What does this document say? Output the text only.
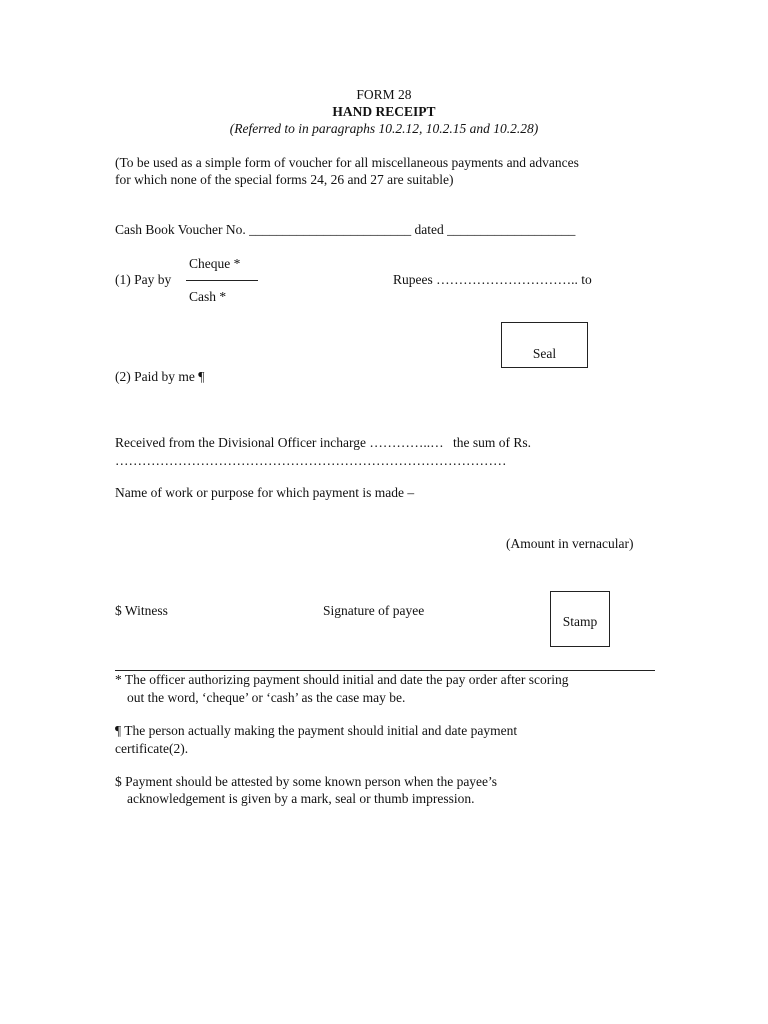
FORM 28
HAND RECEIPT
(Referred to in paragraphs 10.2.12, 10.2.15 and 10.2.28)
(To be used as a simple form of voucher for all miscellaneous payments and advances
for which none of the special forms 24, 26 and 27 are suitable)
Cash Book Voucher No. ________________________ dated ___________________
Cheque *
(1) Pay by
Cash *
Rupees ………………………….. to
Seal
(2) Paid by me ¶
Received from the Divisional Officer incharge …………..… the sum of Rs.
……………………………………………………………………………
Name of work or purpose for which payment is made –
(Amount in vernacular)
$ Witness	Signature of payee
Stamp
* The officer authorizing payment should initial and date the pay order after scoring
out the word, ‘cheque’ or ‘cash’ as the case may be.
¶ The person actually making the payment should initial and date payment
certificate(2).
$ Payment should be attested by some known person when the payee’s
acknowledgement is given by a mark, seal or thumb impression.
